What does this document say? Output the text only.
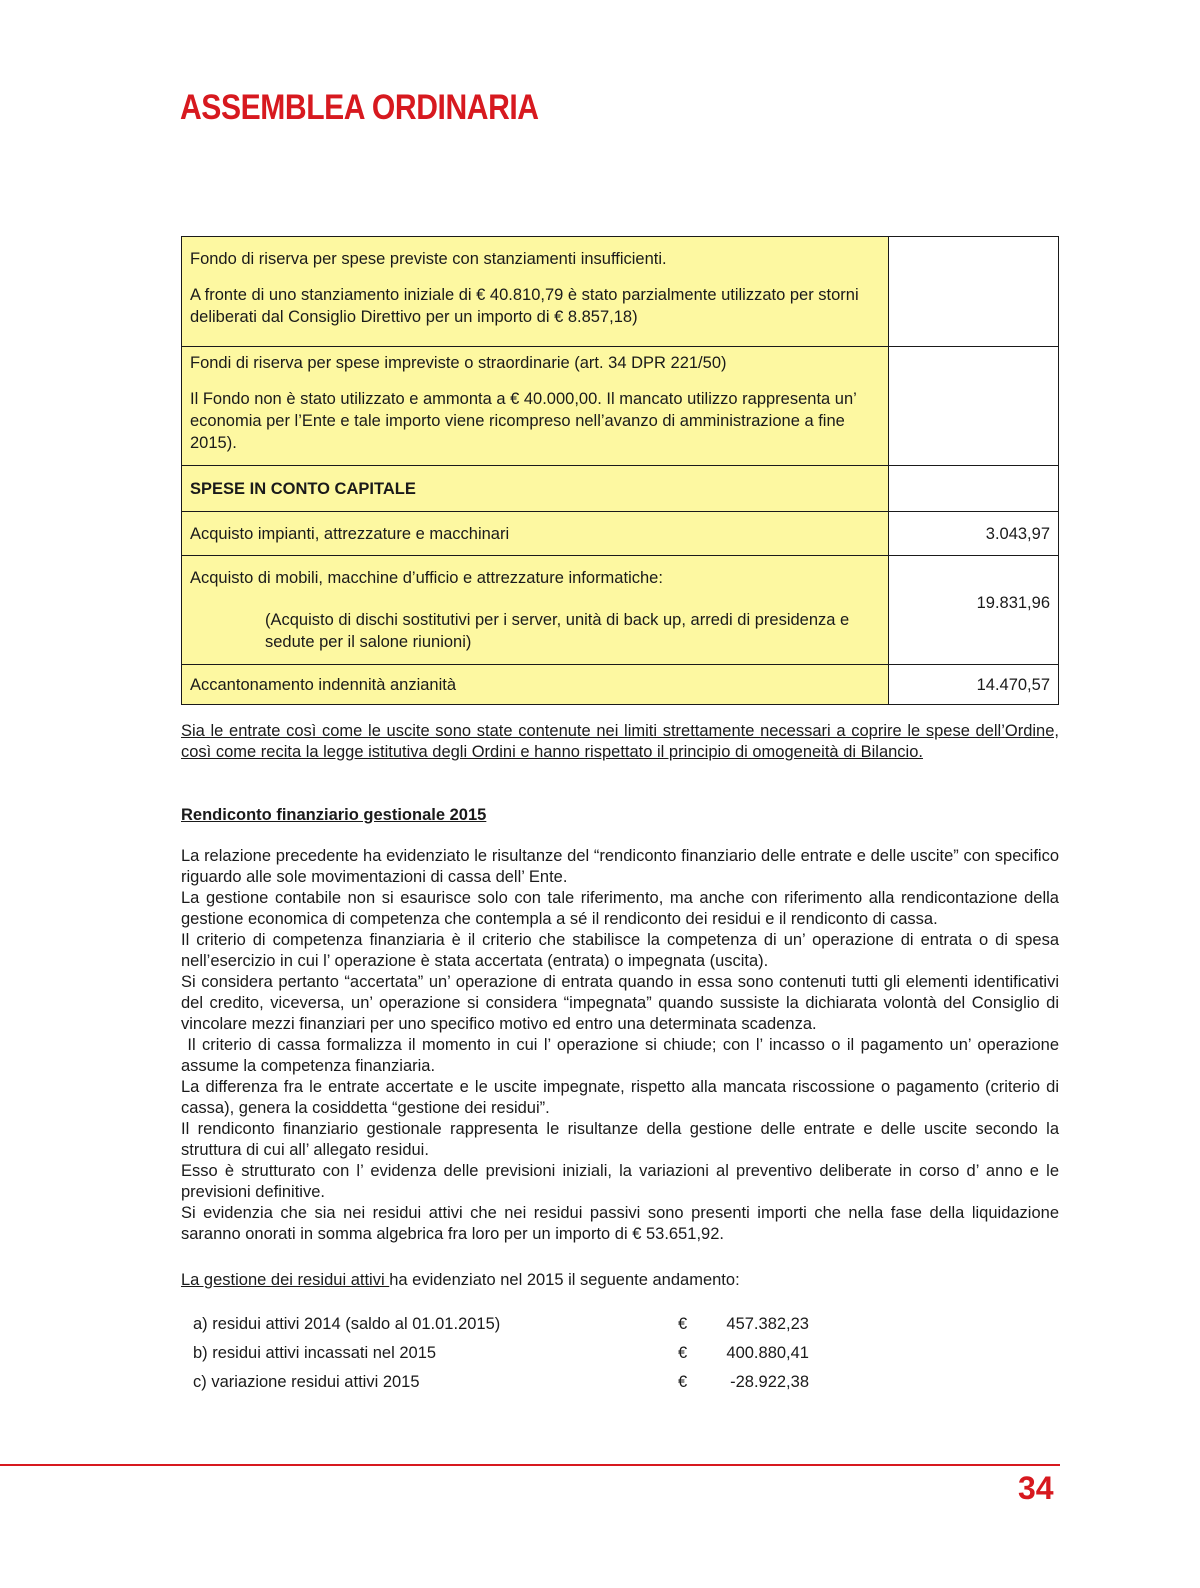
ASSEMBLEA ORDINARIA

Fondo di riserva per spese previste con stanziamenti insufficienti.

A fronte di uno stanziamento iniziale di € 40.810,79 è stato parzialmente utilizzato per storni deliberati dal Consiglio Direttivo per un importo di € 8.857,18)	

Fondi di riserva per spese impreviste o straordinarie (art. 34 DPR 221/50)

Il Fondo non è stato utilizzato e ammonta a € 40.000,00. Il mancato utilizzo rappresenta un’ economia per l’Ente e tale importo viene ricompreso nell’avanzo di amministrazione a fine 2015).	

SPESE IN CONTO CAPITALE	
Acquisto impianti, attrezzature e macchinari	3.043,97

Acquisto di mobili, macchine d’ufficio e attrezzature informatiche:

(Acquisto di dischi sostitutivi per i server, unità di back up, arredi di presidenza e sedute per il salone riunioni)	19.831,96
Accantonamento indennità anzianità	14.470,57
Sia le entrate così come le uscite sono state contenute nei limiti strettamente necessari a coprire le spese dell’Ordine, così come recita la legge istitutiva degli Ordini e hanno rispettato il principio di omogeneità di Bilancio.
Rendiconto finanziario gestionale 2015

La relazione precedente ha evidenziato le risultanze del “rendiconto finanziario delle entrate e delle uscite” con specifico riguardo alle sole movimentazioni di cassa dell’ Ente.

La gestione contabile non si esaurisce solo con tale riferimento, ma anche con riferimento alla rendicontazione della gestione economica di competenza che contempla a sé il rendiconto dei residui e il rendiconto di cassa.

Il criterio di competenza finanziaria è il criterio che stabilisce la competenza di un’ operazione di entrata o di spesa nell’esercizio in cui l’ operazione è stata accertata (entrata) o impegnata (uscita).

Si considera pertanto “accertata” un’ operazione di entrata quando in essa sono contenuti tutti gli elementi identificativi del credito, viceversa, un’ operazione si considera “impegnata” quando sussiste la dichiarata volontà del Consiglio di vincolare mezzi finanziari per uno specifico motivo ed entro una determinata scadenza.

Il criterio di cassa formalizza il momento in cui l’ operazione si chiude; con l’ incasso o il pagamento un’ operazione assume la competenza finanziaria.

La differenza fra le entrate accertate e le uscite impegnate, rispetto alla mancata riscossione o pagamento (criterio di cassa), genera la cosiddetta “gestione dei residui”.

Il rendiconto finanziario gestionale rappresenta le risultanze della gestione delle entrate e delle uscite secondo la struttura di cui all’ allegato residui.

Esso è strutturato con l’ evidenza delle previsioni iniziali, la variazioni al preventivo deliberate in corso d’ anno e le previsioni definitive.

Si evidenzia che sia nei residui attivi che nei residui passivi sono presenti importi che nella fase della liquidazione saranno onorati in somma algebrica fra loro per un importo di € 53.651,92.

La gestione dei residui attivi ha evidenziato nel 2015 il seguente andamento:
a) residui attivi 2014 (saldo al 01.01.2015)	€ 457.382,23
b) residui attivi incassati nel 2015	€ 400.880,41
c) variazione residui attivi 2015	€	-28.922,38
34
